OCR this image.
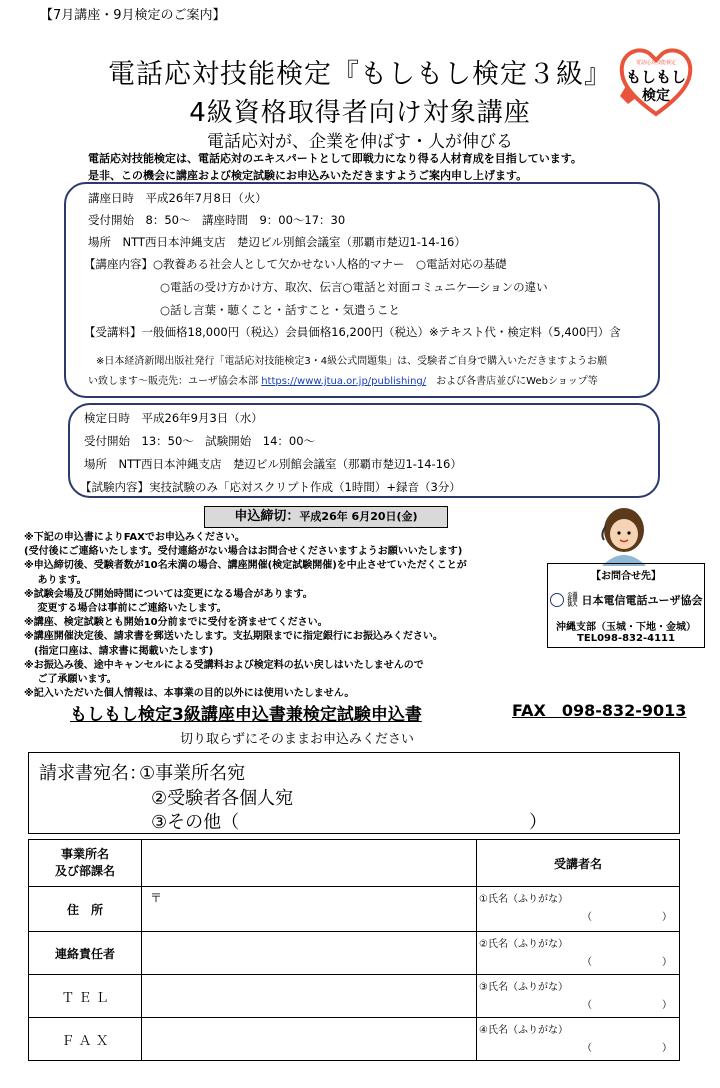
【7月講座・9月検定のご案内】
電話応対技能検定『もしもし検定３級』
4級資格取得者向け対象講座
電話応対が、企業を伸ばす・人が伸びる
電話応対技能検定
もしもし
検定
電話応対技能検定は、電話応対のエキスパートとして即戦力になり得る人材育成を目指しています。
是非、この機会に講座および検定試験にお申込みいただきますようご案内申し上げます。
講座日時　平成26年7月8日（火）
受付開始　8：50～　講座時間　9：00～17：30
場所　NTT西日本沖縄支店　楚辺ビル別館会議室（那覇市楚辺1-14-16）
【講座内容】○教養ある社会人として欠かせない人格的マナー　○電話対応の基礎
○電話の受け方かけ方、取次、伝言○電話と対面コミュニケ―ションの違い
○話し言葉・聴くこと・話すこと・気遣うこと
【受講料】一般価格18,000円（税込）会員価格16,200円（税込）※テキスト代・検定料（5,400円）含
※日本経済新聞出版社発行「電話応対技能検定3・4級公式問題集」は、受験者ご自身で購入いただきますようお願
い致します～販売先：ユーザ協会本部 https://www.jtua.or.jp/publishing/　および各書店並びにWebショップ等
検定日時　平成26年9月3日（水）
受付開始　13：50～　試験開始　14：00～
場所　NTT西日本沖縄支店　楚辺ビル別館会議室（那覇市楚辺1-14-16）
【試験内容】実技試験のみ「応対スクリプト作成（1時間）+録音（3分）
申込締切：平成26年 6月20日(金)
※下記の申込書によりFAXでお申込みください。
(受付後にご連絡いたします。受付連絡がない場合はお問合せくださいますようお願いいたします)
※申込締切後、受験者数が10名未満の場合、講座開催(検定試験開催)を中止させていただくことが
　 あります。
※試験会場及び開始時間については変更になる場合があります。
　 変更する場合は事前にご連絡いたします。
※講座、検定試験とも開始10分前までに受付を済ませてください。
※講座開催決定後、請求書を郵送いたします。支払期限までに指定銀行にお振込みください。
　(指定口座は、請求書に掲載いたします)
※お振込み後、途中キャンセルによる受講料および検定料の払い戻しはいたしませんので
　 ご了承願います。
※記入いただいた個人情報は、本事業の目的以外には使用いたしません。
【お問合せ先】
公益社団法人 日本電信電話ユーザ協会
沖縄支部（玉城・下地・金城）
TEL098-832-4111
もしもし検定3級講座申込書兼検定試験申込書	FAX　098-832-9013
切り取らずにそのままお申込みください
請求書宛名：
①事業所名宛
②受験者各個人宛
③その他（	）
事業所名
及び部課名		受講者名
住　所	〒	①氏名（ふりがな）
（　　　　　　　）

連絡責任者		②氏名（ふりがな）
（　　　　　　　）

Ｔ Ｅ Ｌ		③氏名（ふりがな）
（　　　　　　　）

Ｆ Ａ Ｘ		④氏名（ふりがな）
（　　　　　　　）
